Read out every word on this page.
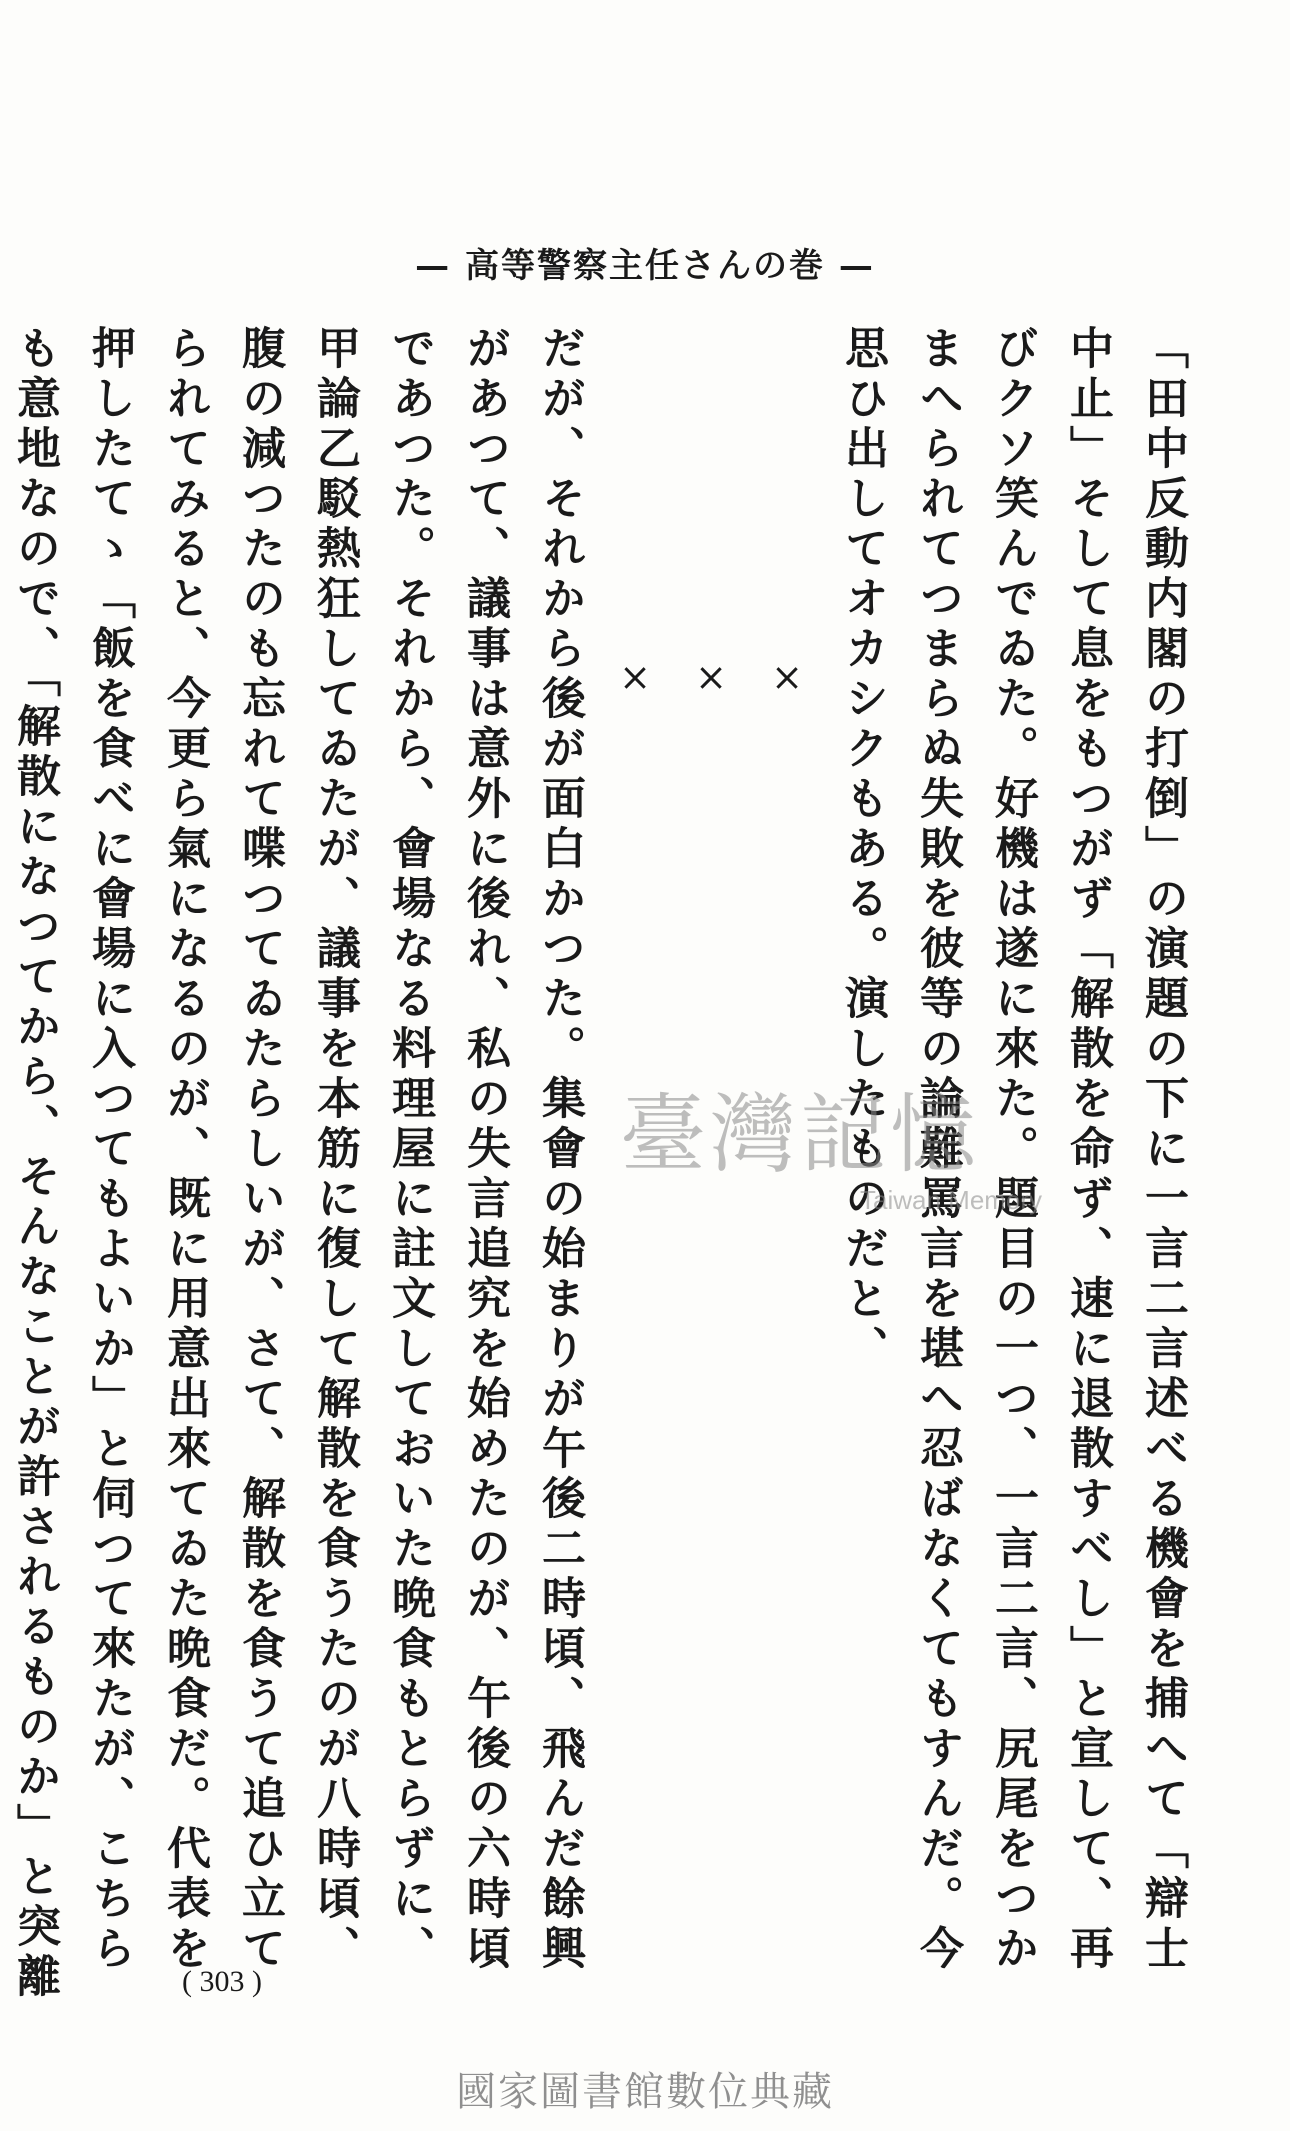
— 高等警察主任さんの巻 —

「田中反動内閣の打倒」の演題の下に一言二言述べる機會を捕へて「辯士中止」そして息をもつがず「解散を命ず、速に退散すべし」と宣して、再びクソ笑んでゐた。好機は遂に來た。題目の一つ、一言二言、尻尾をつかまへられてつまらぬ失敗を彼等の論難罵言を堪へ忍ばなくてもすんだ。今思ひ出してオカシクもある。演したものだと、

×
×
×

だが、それから後が面白かつた。集會の始まりが午後二時頃、飛んだ餘興があつて、議事は意外に後れ、私の失言追究を始めたのが、午後の六時頃であつた。それから、會場なる料理屋に註文しておいた晩食もとらずに、甲論乙駁熱狂してゐたが、議事を本筋に復して解散を食うたのが八時頃、腹の減つたのも忘れて喋つてゐたらしいが、さて、解散を食うて追ひ立てられてみると、今更ら氣になるのが、既に用意出來てゐた晩食だ。代表を押したてゝ「飯を食べに會場に入つてもよいか」と伺つて來たが、こちらも意地なので、「解散になつてから、そんなことが許されるものか」と突離

臺灣記憶
Taiwan Memory
( 303 )
國家圖書館數位典藏
